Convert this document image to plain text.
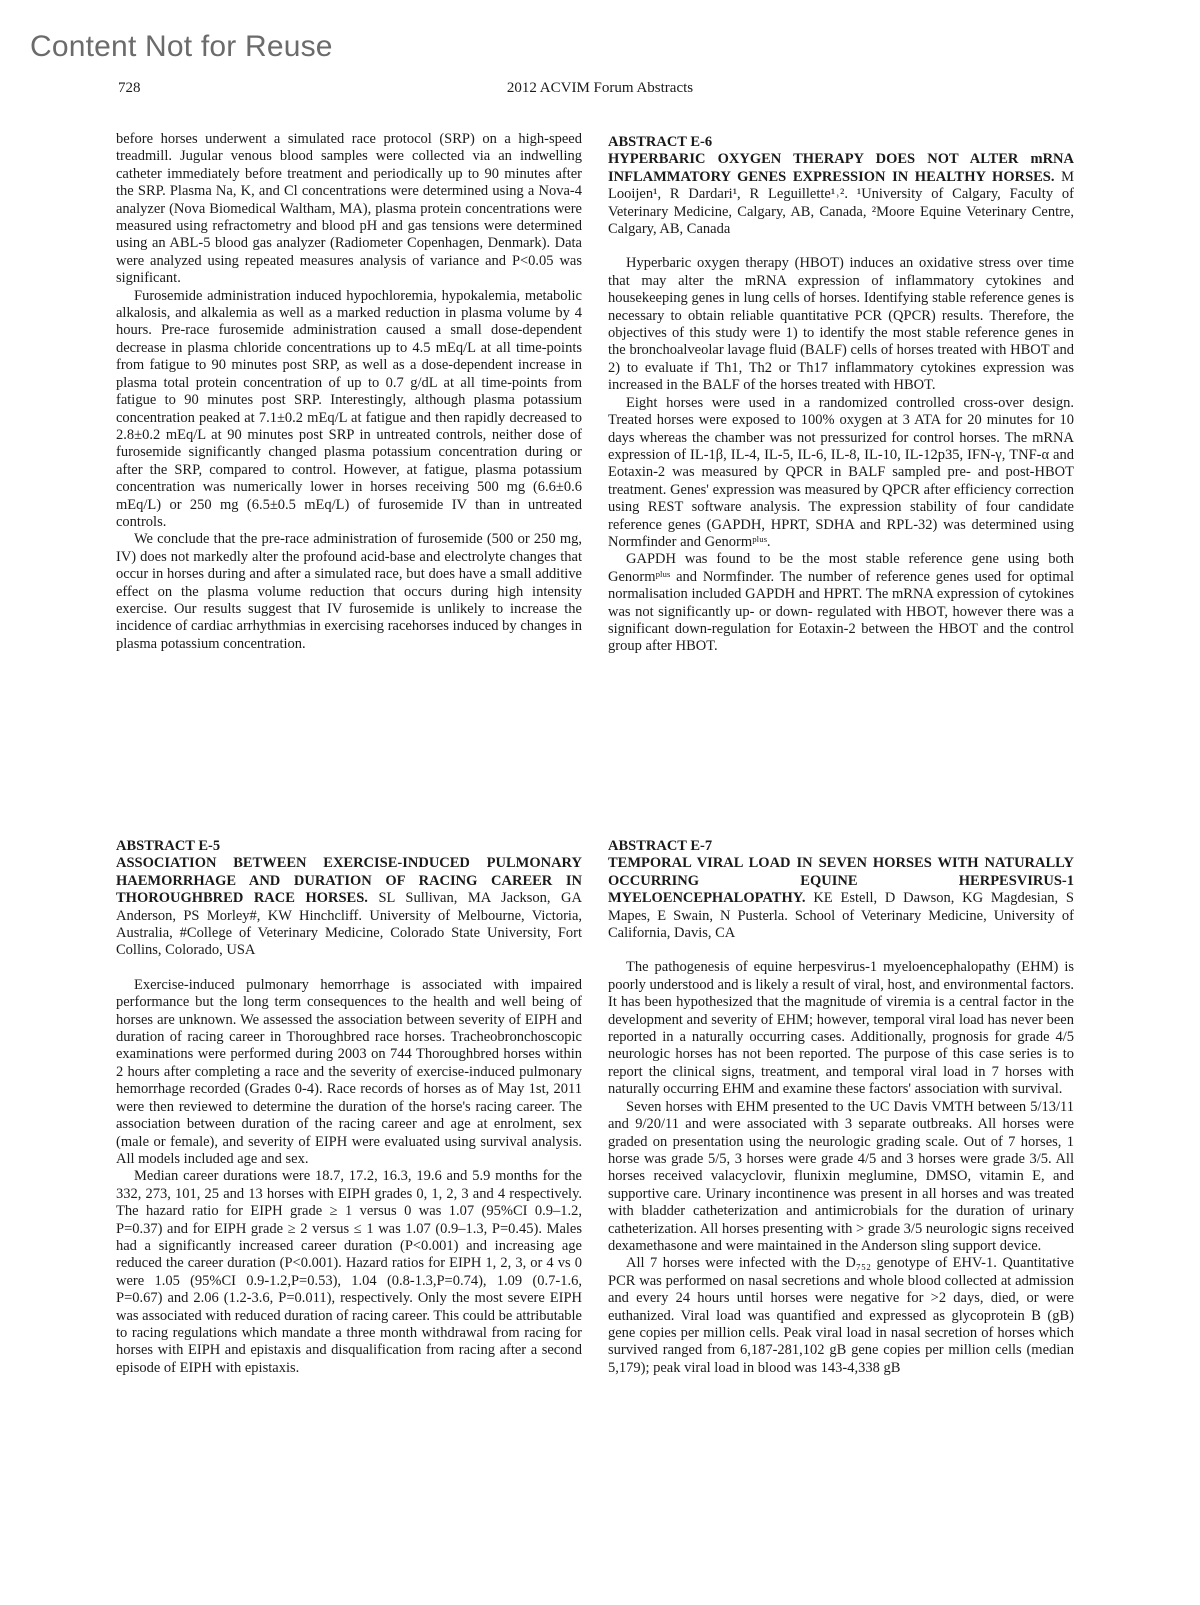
Content Not for Reuse
728	2012 ACVIM Forum Abstracts

before horses underwent a simulated race protocol (SRP) on a high-speed treadmill. Jugular venous blood samples were collected via an indwelling catheter immediately before treatment and periodically up to 90 minutes after the SRP. Plasma Na, K, and Cl concentrations were determined using a Nova-4 analyzer (Nova Biomedical Waltham, MA), plasma protein concentrations were measured using refractometry and blood pH and gas tensions were determined using an ABL-5 blood gas analyzer (Radiometer Copenhagen, Denmark). Data were analyzed using repeated measures analysis of variance and P<0.05 was significant.

Furosemide administration induced hypochloremia, hypokalemia, metabolic alkalosis, and alkalemia as well as a marked reduction in plasma volume by 4 hours. Pre-race furosemide administration caused a small dose-dependent decrease in plasma chloride concentrations up to 4.5 mEq/L at all time-points from fatigue to 90 minutes post SRP, as well as a dose-dependent increase in plasma total protein concentration of up to 0.7 g/dL at all time-points from fatigue to 90 minutes post SRP. Interestingly, although plasma potassium concentration peaked at 7.1±0.2 mEq/L at fatigue and then rapidly decreased to 2.8±0.2 mEq/L at 90 minutes post SRP in untreated controls, neither dose of furosemide significantly changed plasma potassium concentration during or after the SRP, compared to control. However, at fatigue, plasma potassium concentration was numerically lower in horses receiving 500 mg (6.6±0.6 mEq/L) or 250 mg (6.5±0.5 mEq/L) of furosemide IV than in untreated controls.

We conclude that the pre-race administration of furosemide (500 or 250 mg, IV) does not markedly alter the profound acid-base and electrolyte changes that occur in horses during and after a simulated race, but does have a small additive effect on the plasma volume reduction that occurs during high intensity exercise. Our results suggest that IV furosemide is unlikely to increase the incidence of cardiac arrhythmias in exercising racehorses induced by changes in plasma potassium concentration.

ABSTRACT E-6
HYPERBARIC OXYGEN THERAPY DOES NOT ALTER mRNA INFLAMMATORY GENES EXPRESSION IN HEALTHY HORSES. M Looijen¹, R Dardari¹, R Leguillette¹˒². ¹University of Calgary, Faculty of Veterinary Medicine, Calgary, AB, Canada, ²Moore Equine Veterinary Centre, Calgary, AB, Canada

Hyperbaric oxygen therapy (HBOT) induces an oxidative stress over time that may alter the mRNA expression of inflammatory cytokines and housekeeping genes in lung cells of horses. Identifying stable reference genes is necessary to obtain reliable quantitative PCR (QPCR) results. Therefore, the objectives of this study were 1) to identify the most stable reference genes in the bronchoalveolar lavage fluid (BALF) cells of horses treated with HBOT and 2) to evaluate if Th1, Th2 or Th17 inflammatory cytokines expression was increased in the BALF of the horses treated with HBOT.

Eight horses were used in a randomized controlled cross-over design. Treated horses were exposed to 100% oxygen at 3 ATA for 20 minutes for 10 days whereas the chamber was not pressurized for control horses. The mRNA expression of IL-1β, IL-4, IL-5, IL-6, IL-8, IL-10, IL-12p35, IFN-γ, TNF-α and Eotaxin-2 was measured by QPCR in BALF sampled pre- and post-HBOT treatment. Genes' expression was measured by QPCR after efficiency correction using REST software analysis. The expression stability of four candidate reference genes (GAPDH, HPRT, SDHA and RPL-32) was determined using Normfinder and Genormᵖˡᵘˢ.

GAPDH was found to be the most stable reference gene using both Genormᵖˡᵘˢ and Normfinder. The number of reference genes used for optimal normalisation included GAPDH and HPRT. The mRNA expression of cytokines was not significantly up- or down- regulated with HBOT, however there was a significant down-regulation for Eotaxin-2 between the HBOT and the control group after HBOT.

ABSTRACT E-5
ASSOCIATION BETWEEN EXERCISE-INDUCED PULMONARY HAEMORRHAGE AND DURATION OF RACING CAREER IN THOROUGHBRED RACE HORSES. SL Sullivan, MA Jackson, GA Anderson, PS Morley#, KW Hinchcliff. University of Melbourne, Victoria, Australia, #College of Veterinary Medicine, Colorado State University, Fort Collins, Colorado, USA

Exercise-induced pulmonary hemorrhage is associated with impaired performance but the long term consequences to the health and well being of horses are unknown. We assessed the association between severity of EIPH and duration of racing career in Thoroughbred race horses. Tracheobronchoscopic examinations were performed during 2003 on 744 Thoroughbred horses within 2 hours after completing a race and the severity of exercise-induced pulmonary hemorrhage recorded (Grades 0-4). Race records of horses as of May 1st, 2011 were then reviewed to determine the duration of the horse's racing career. The association between duration of the racing career and age at enrolment, sex (male or female), and severity of EIPH were evaluated using survival analysis. All models included age and sex.

Median career durations were 18.7, 17.2, 16.3, 19.6 and 5.9 months for the 332, 273, 101, 25 and 13 horses with EIPH grades 0, 1, 2, 3 and 4 respectively. The hazard ratio for EIPH grade ≥ 1 versus 0 was 1.07 (95%CI 0.9–1.2, P=0.37) and for EIPH grade ≥ 2 versus ≤ 1 was 1.07 (0.9–1.3, P=0.45). Males had a significantly increased career duration (P<0.001) and increasing age reduced the career duration (P<0.001). Hazard ratios for EIPH 1, 2, 3, or 4 vs 0 were 1.05 (95%CI 0.9-1.2,P=0.53), 1.04 (0.8-1.3,P=0.74), 1.09 (0.7-1.6, P=0.67) and 2.06 (1.2-3.6, P=0.011), respectively. Only the most severe EIPH was associated with reduced duration of racing career. This could be attributable to racing regulations which mandate a three month withdrawal from racing for horses with EIPH and epistaxis and disqualification from racing after a second episode of EIPH with epistaxis.

ABSTRACT E-7
TEMPORAL VIRAL LOAD IN SEVEN HORSES WITH NATURALLY OCCURRING EQUINE HERPESVIRUS-1 MYELOENCEPHALOPATHY. KE Estell, D Dawson, KG Magdesian, S Mapes, E Swain, N Pusterla. School of Veterinary Medicine, University of California, Davis, CA

The pathogenesis of equine herpesvirus-1 myeloencephalopathy (EHM) is poorly understood and is likely a result of viral, host, and environmental factors. It has been hypothesized that the magnitude of viremia is a central factor in the development and severity of EHM; however, temporal viral load has never been reported in a naturally occurring cases. Additionally, prognosis for grade 4/5 neurologic horses has not been reported. The purpose of this case series is to report the clinical signs, treatment, and temporal viral load in 7 horses with naturally occurring EHM and examine these factors' association with survival.

Seven horses with EHM presented to the UC Davis VMTH between 5/13/11 and 9/20/11 and were associated with 3 separate outbreaks. All horses were graded on presentation using the neurologic grading scale. Out of 7 horses, 1 horse was grade 5/5, 3 horses were grade 4/5 and 3 horses were grade 3/5. All horses received valacyclovir, flunixin meglumine, DMSO, vitamin E, and supportive care. Urinary incontinence was present in all horses and was treated with bladder catheterization and antimicrobials for the duration of urinary catheterization. All horses presenting with > grade 3/5 neurologic signs received dexamethasone and were maintained in the Anderson sling support device.

All 7 horses were infected with the D₇₅₂ genotype of EHV-1. Quantitative PCR was performed on nasal secretions and whole blood collected at admission and every 24 hours until horses were negative for >2 days, died, or were euthanized. Viral load was quantified and expressed as glycoprotein B (gB) gene copies per million cells. Peak viral load in nasal secretion of horses which survived ranged from 6,187-281,102 gB gene copies per million cells (median 5,179); peak viral load in blood was 143-4,338 gB
